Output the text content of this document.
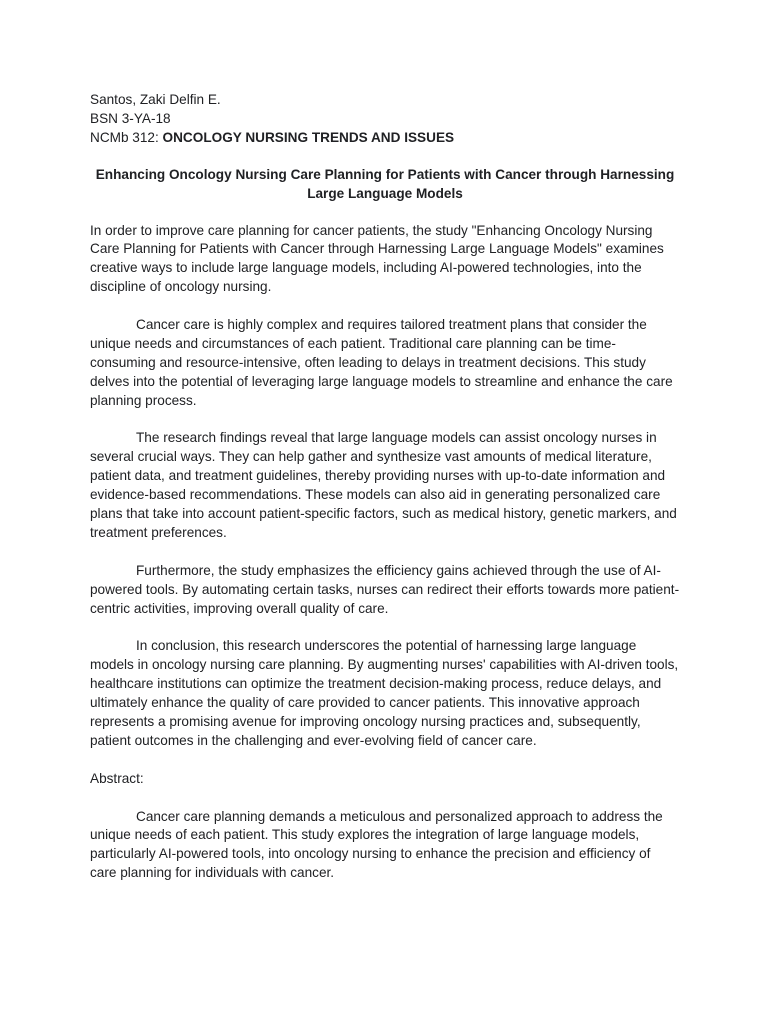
Santos, Zaki Delfin E.
BSN 3-YA-18
NCMb 312: ONCOLOGY NURSING TRENDS AND ISSUES
Enhancing Oncology Nursing Care Planning for Patients with Cancer through Harnessing Large Language Models

In order to improve care planning for cancer patients, the study "Enhancing Oncology Nursing Care Planning for Patients with Cancer through Harnessing Large Language Models" examines creative ways to include large language models, including AI-powered technologies, into the discipline of oncology nursing.

Cancer care is highly complex and requires tailored treatment plans that consider the unique needs and circumstances of each patient. Traditional care planning can be time-consuming and resource-intensive, often leading to delays in treatment decisions. This study delves into the potential of leveraging large language models to streamline and enhance the care planning process.

The research findings reveal that large language models can assist oncology nurses in several crucial ways. They can help gather and synthesize vast amounts of medical literature, patient data, and treatment guidelines, thereby providing nurses with up-to-date information and evidence-based recommendations. These models can also aid in generating personalized care plans that take into account patient-specific factors, such as medical history, genetic markers, and treatment preferences.

Furthermore, the study emphasizes the efficiency gains achieved through the use of AI-powered tools. By automating certain tasks, nurses can redirect their efforts towards more patient-centric activities, improving overall quality of care.

In conclusion, this research underscores the potential of harnessing large language models in oncology nursing care planning. By augmenting nurses' capabilities with AI-driven tools, healthcare institutions can optimize the treatment decision-making process, reduce delays, and ultimately enhance the quality of care provided to cancer patients. This innovative approach represents a promising avenue for improving oncology nursing practices and, subsequently, patient outcomes in the challenging and ever-evolving field of cancer care.

Abstract:

Cancer care planning demands a meticulous and personalized approach to address the unique needs of each patient. This study explores the integration of large language models, particularly AI-powered tools, into oncology nursing to enhance the precision and efficiency of care planning for individuals with cancer.
